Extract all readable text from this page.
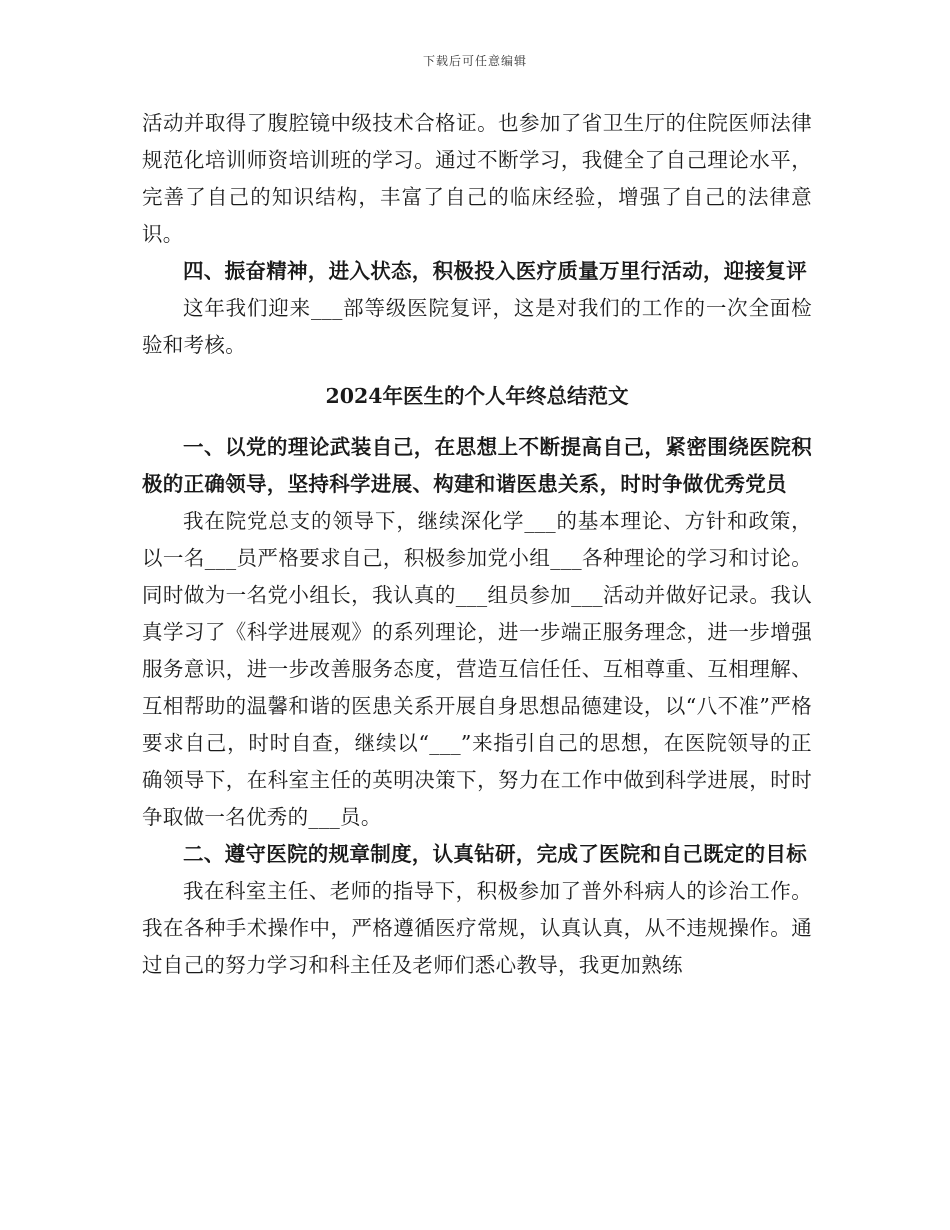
下载后可任意编辑

活动并取得了腹腔镜中级技术合格证。也参加了省卫生厅的住院医师法律规范化培训师资培训班的学习。通过不断学习，我健全了自己理论水平，完善了自己的知识结构，丰富了自己的临床经验，增强了自己的法律意识。

四、振奋精神，进入状态，积极投入医疗质量万里行活动，迎接复评

这年我们迎来___部等级医院复评，这是对我们的工作的一次全面检验和考核。

2024年医生的个人年终总结范文

一、以党的理论武装自己，在思想上不断提高自己，紧密围绕医院积极的正确领导，坚持科学进展、构建和谐医患关系，时时争做优秀党员

我在院党总支的领导下，继续深化学___的基本理论、方针和政策，以一名___员严格要求自己，积极参加党小组___各种理论的学习和讨论。同时做为一名党小组长，我认真的___组员参加___活动并做好记录。我认真学习了《科学进展观》的系列理论，进一步端正服务理念，进一步增强服务意识，进一步改善服务态度，营造互信任任、互相尊重、互相理解、互相帮助的温馨和谐的医患关系开展自身思想品德建设，以“八不准”严格要求自己，时时自查，继续以“___”来指引自己的思想，在医院领导的正确领导下，在科室主任的英明决策下，努力在工作中做到科学进展，时时争取做一名优秀的___员。

二、遵守医院的规章制度，认真钻研，完成了医院和自己既定的目标

我在科室主任、老师的指导下，积极参加了普外科病人的诊治工作。我在各种手术操作中，严格遵循医疗常规，认真认真，从不违规操作。通过自己的努力学习和科主任及老师们悉心教导，我更加熟练
